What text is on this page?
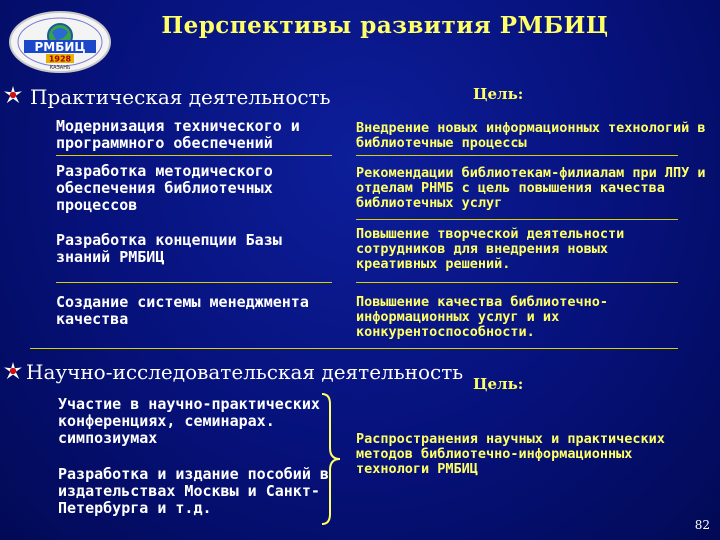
РМБИЦ
1928
КАЗАНЬ
Перспективы развития РМБИЦ
Практическая деятельность	Цель:
Модернизация технического и программного обеспечений
Внедрение новых информационных технологий в библиотечные процессы
Разработка методического обеспечения библиотечных процессов
Рекомендации библиотекам-филиалам при ЛПУ и отделам РНМБ с цель повышения качества библиотечных услуг
Разработка концепции Базы знаний РМБИЦ
Повышение творческой деятельности сотрудников для внедрения новых креативных решений.
Создание системы менеджмента качества
Повышение качества библиотечно-информационных услуг и их конкурентоспособности.
Научно-исследовательская деятельность Цель:
Участие в научно-практических конференциях, семинарах. симпозиумах
Разработка и издание пособий в издательствах Москвы и Санкт-Петербурга и т.д.
Распространения научных и практических методов библиотечно-информационных технологи РМБИЦ
82
